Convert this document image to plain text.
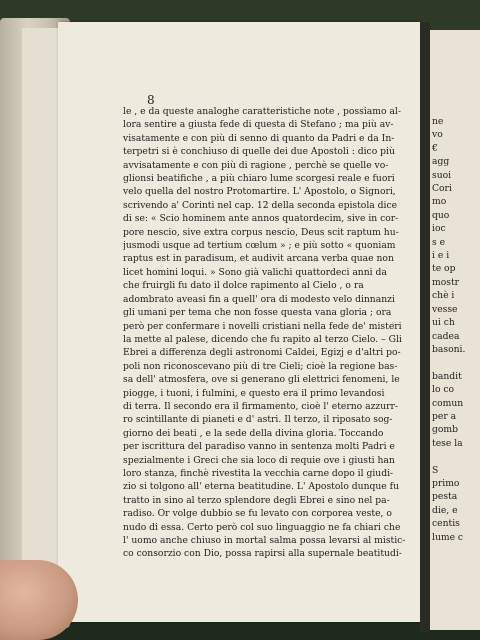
8
le , e da queste analoghe caratteristiche note , possiamo al-
lora sentire a giusta fede di questa di Stefano ; ma più av-
visatamente e con più di senno di quanto da Padri e da In-
terpetri si è conchiuso di quelle dei due Apostoli : dico più
avvisatamente e con più di ragione , perchè se quelle vo-
glionsi beatifiche , a più chiaro lume scorgesi reale e fuori
velo quella del nostro Protomartire. L' Apostolo, o Signori,
scrivendo a' Corinti nel cap. 12 della seconda epistola dice
di se: « Scio hominem ante annos quatordecim, sive in cor-
pore nescio, sive extra corpus nescio, Deus scit raptum hu-
jusmodi usque ad tertium cœlum » ; e più sotto « quoniam
raptus est in paradisum, et audivit arcana verba quae non
licet homini loqui. » Sono già valichi quattordeci anni da
che fruirgli fu dato il dolce rapimento al Cielo , o ra
adombrato aveasi fin a quell' ora di modesto velo dinnanzi
gli umani per tema che non fosse questa vana gloria ; ora
però per confermare i novelli cristiani nella fede de' misteri
la mette al palese, dicendo che fu rapito al terzo Cielo. – Gli
Ebrei a differenza degli astronomi Caldei, Egizj e d'altri po-
poli non riconoscevano più di tre Cieli; cioè la regione bas-
sa dell' atmosfera, ove si generano gli elettrici fenomeni, le
piogge, i tuoni, i fulmini, e questo era il primo levandosi
di terra. Il secondo era il firmamento, cioè l' eterno azzurr-
ro scintillante di pianeti e d' astri. Il terzo, il riposato sog-
giorno dei beati , e la sede della divina gloria. Toccando
per iscrittura del paradiso vanno in sentenza molti Padri e
spezialmente i Greci che sia loco di requie ove i giusti han
loro stanza, finchè rivestita la vecchia carne dopo il giudi-
zio si tolgono all' eterna beatitudine. L' Apostolo dunque fu
tratto in sino al terzo splendore degli Ebrei e sino nel pa-
radiso. Or volge dubbio se fu levato con corporea veste, o
nudo di essa. Certo però col suo linguaggio ne fa chiari che
l' uomo anche chiuso in mortal salma possa levarsi al mistic-
co consorzio con Dio, possa rapirsi alla supernale beatitudi-
ne
vo
€
agg
suoi
Cori
mo
quo
ioc
s e
i e i
te op
mostr
chè i
vesse
ui ch
cadea
basoni.

bandit
lo co
comun
per a
gomb
tese la

S
primo
pesta
die, e
centis
lume c
